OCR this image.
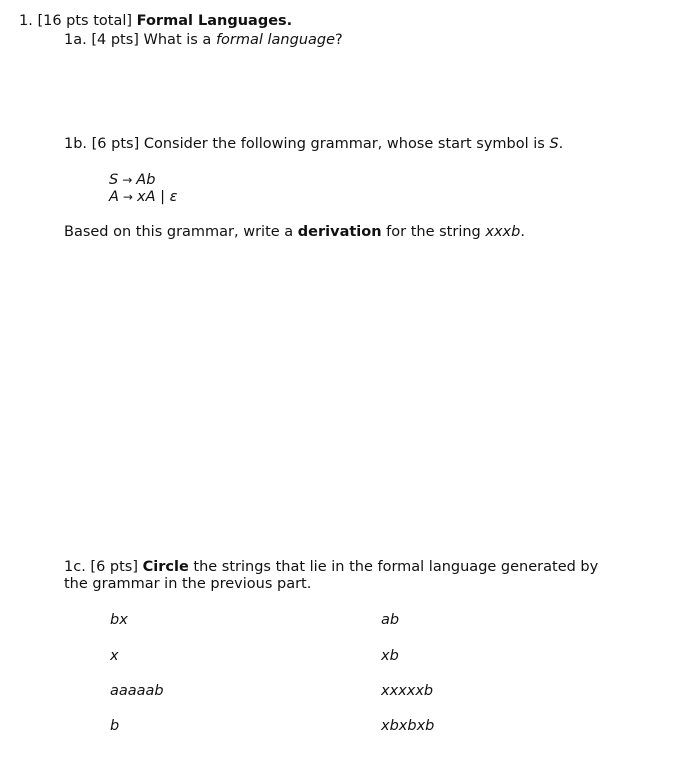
1. [16 pts total] Formal Languages.
1a. [4 pts] What is a formal language?
1b. [6 pts] Consider the following grammar, whose start symbol is S.
S → Ab
A → xA | ε
Based on this grammar, write a derivation for the string xxxb.
1c. [6 pts] Circle the strings that lie in the formal language generated by
the grammar in the previous part.
bx
x
aaaaab
b
ab
xb
xxxxxb
xbxbxb
